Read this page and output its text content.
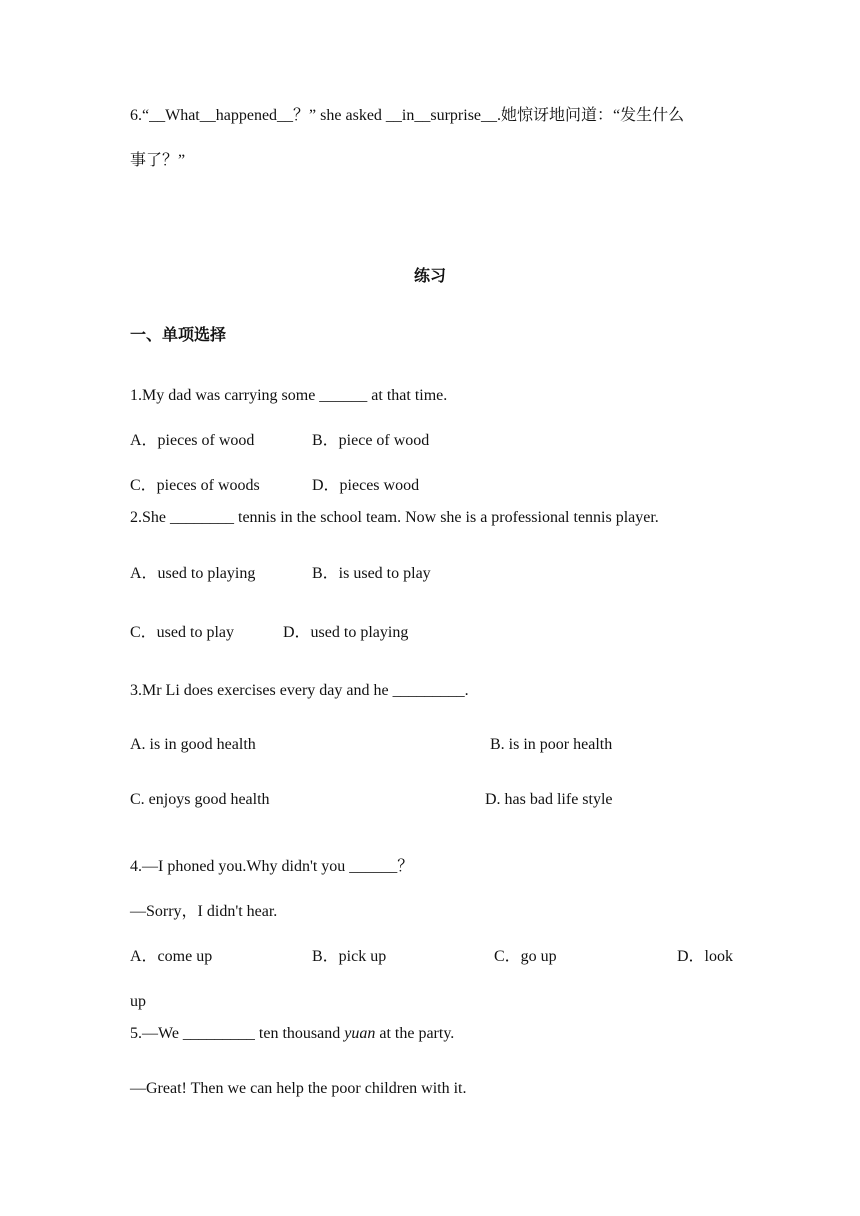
6.“__What__happened__？” she asked __in__surprise__.她惊讶地问道：“发生什么
事了？”
练习
一、单项选择
1.My dad was carrying some ______ at that time.
A．pieces of wood	B．piece of wood
C．pieces of woods	D．pieces wood
2.She ________ tennis in the school team. Now she is a professional tennis player.
A．used to playing	B．is used to play
C．used to play	D．used to playing
3.Mr Li does exercises every day and he _________.
A. is in good health	B. is in poor health
C. enjoys good health	D. has bad life style
4.—I phoned you.Why didn't you ______？
—Sorry，I didn't hear.
A．come up	B．pick up	C．go up	D．look
up
5.—We _________ ten thousand yuan at the party.
—Great! Then we can help the poor children with it.
